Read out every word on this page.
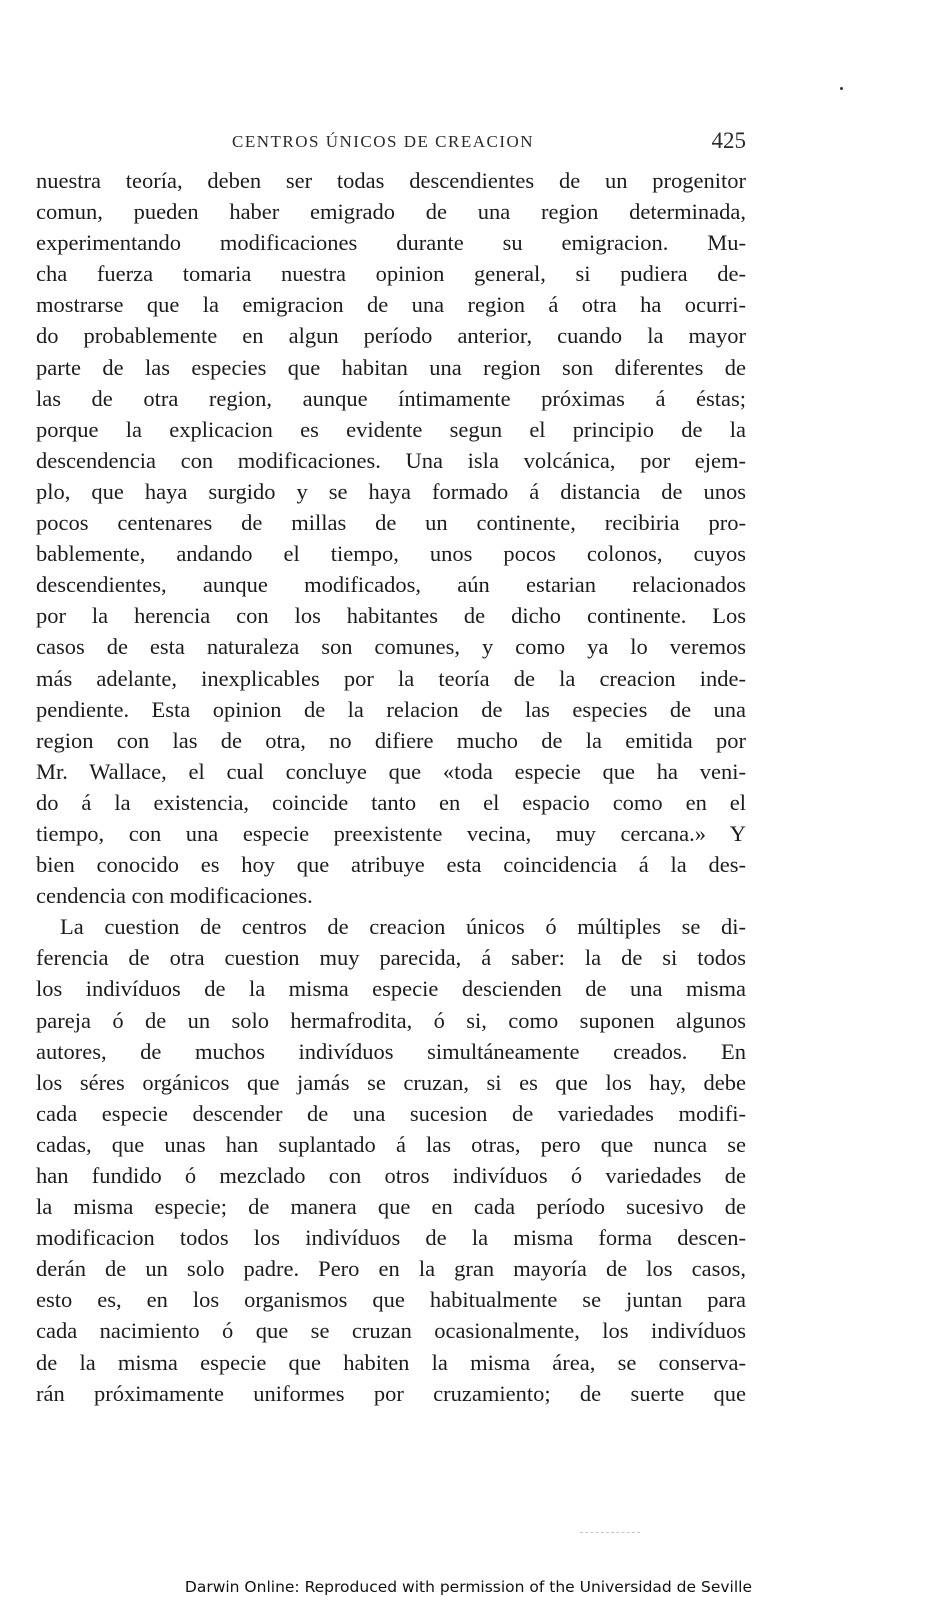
CENTROS ÚNICOS DE CREACION	425
nuestra teoría, deben ser todas descendientes de un progenitor
comun, pueden haber emigrado de una region determinada,
experimentando modificaciones durante su emigracion. Mu-
cha fuerza tomaria nuestra opinion general, si pudiera de-
mostrarse que la emigracion de una region á otra ha ocurri-
do probablemente en algun período anterior, cuando la mayor
parte de las especies que habitan una region son diferentes de
las de otra region, aunque íntimamente próximas á éstas;
porque la explicacion es evidente segun el principio de la
descendencia con modificaciones. Una isla volcánica, por ejem-
plo, que haya surgido y se haya formado á distancia de unos
pocos centenares de millas de un continente, recibiria pro-
bablemente, andando el tiempo, unos pocos colonos, cuyos
descendientes, aunque modificados, aún estarian relacionados
por la herencia con los habitantes de dicho continente. Los
casos de esta naturaleza son comunes, y como ya lo veremos
más adelante, inexplicables por la teoría de la creacion inde-
pendiente. Esta opinion de la relacion de las especies de una
region con las de otra, no difiere mucho de la emitida por
Mr. Wallace, el cual concluye que «toda especie que ha veni-
do á la existencia, coincide tanto en el espacio como en el
tiempo, con una especie preexistente vecina, muy cercana.» Y
bien conocido es hoy que atribuye esta coincidencia á la des-
cendencia con modificaciones.
La cuestion de centros de creacion únicos ó múltiples se di-
ferencia de otra cuestion muy parecida, á saber: la de si todos
los indivíduos de la misma especie descienden de una misma
pareja ó de un solo hermafrodita, ó si, como suponen algunos
autores, de muchos indivíduos simultáneamente creados. En
los séres orgánicos que jamás se cruzan, si es que los hay, debe
cada especie descender de una sucesion de variedades modifi-
cadas, que unas han suplantado á las otras, pero que nunca se
han fundido ó mezclado con otros indivíduos ó variedades de
la misma especie; de manera que en cada período sucesivo de
modificacion todos los indivíduos de la misma forma descen-
derán de un solo padre. Pero en la gran mayoría de los casos,
esto es, en los organismos que habitualmente se juntan para
cada nacimiento ó que se cruzan ocasionalmente, los indivíduos
de la misma especie que habiten la misma área, se conserva-
rán próximamente uniformes por cruzamiento; de suerte que
Darwin Online: Reproduced with permission of the Universidad de Seville
